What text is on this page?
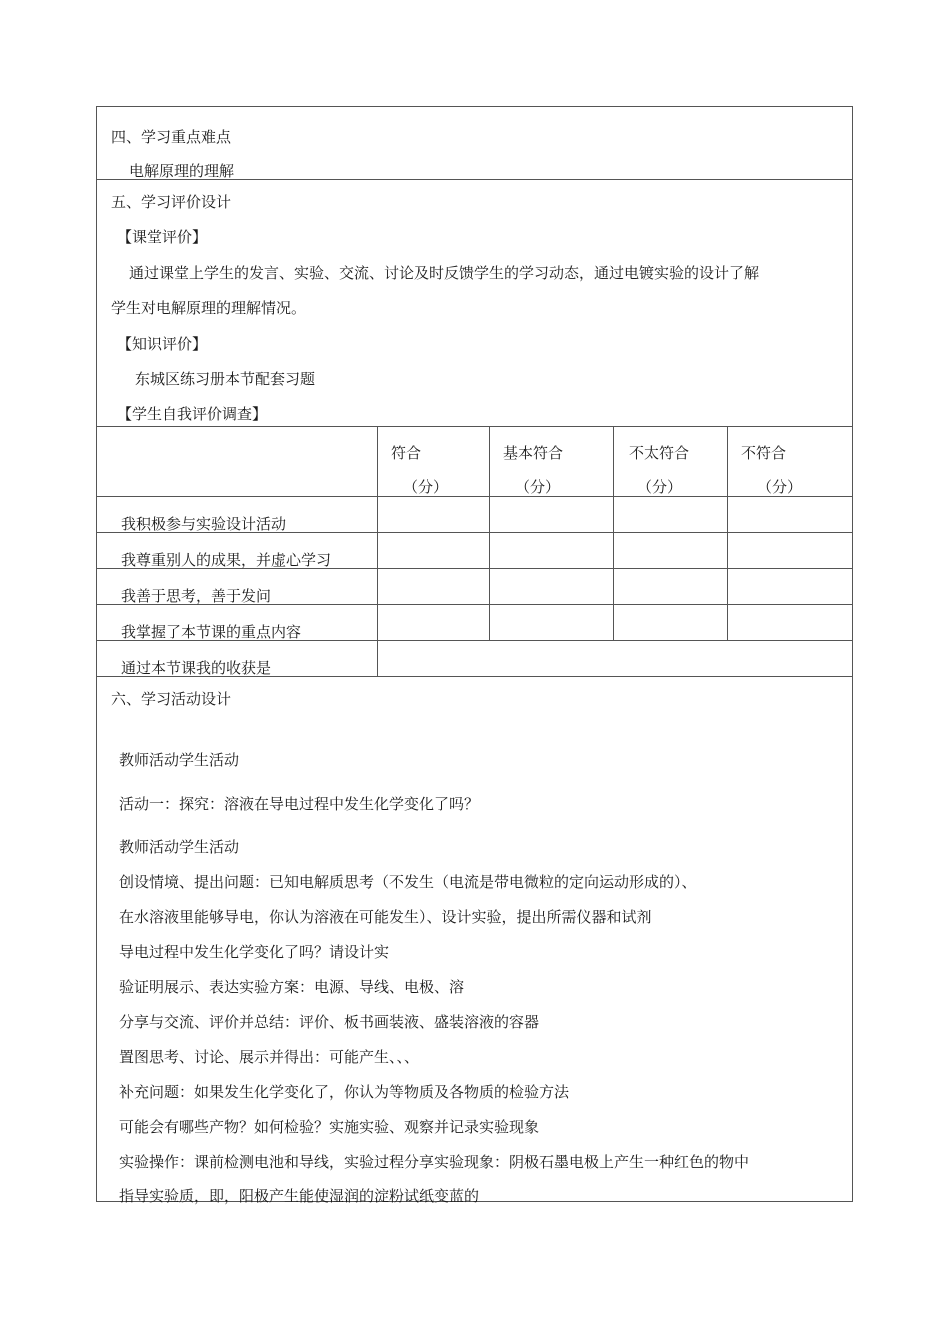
四、学习重点难点
电解原理的理解
五、学习评价设计
【课堂评价】
通过课堂上学生的发言、实验、交流、讨论及时反馈学生的学习动态，通过电镀实验的设计了解
学生对电解原理的理解情况。
【知识评价】
东城区练习册本节配套习题
【学生自我评价调查】
符合
（分）
基本符合
（分）
不太符合
（分）
不符合
（分）
我积极参与实验设计活动
我尊重别人的成果，并虚心学习
我善于思考，善于发问
我掌握了本节课的重点内容
通过本节课我的收获是
六、学习活动设计
教师活动学生活动
活动一：探究：溶液在导电过程中发生化学变化了吗？
教师活动学生活动
创设情境、提出问题：已知电解质思考（不发生（电流是带电微粒的定向运动形成的）、
在水溶液里能够导电，你认为溶液在可能发生）、设计实验，提出所需仪器和试剂
导电过程中发生化学变化了吗？请设计实
验证明展示、表达实验方案：电源、导线、电极、溶
分享与交流、评价并总结：评价、板书画装液、盛装溶液的容器
置图思考、讨论、展示并得出：可能产生、、、
补充问题：如果发生化学变化了，你认为等物质及各物质的检验方法
可能会有哪些产物？如何检验？实施实验、观察并记录实验现象
实验操作：课前检测电池和导线，实验过程分享实验现象：阴极石墨电极上产生一种红色的物中
指导实验质，即，阳极产生能使湿润的淀粉试纸变蓝的
